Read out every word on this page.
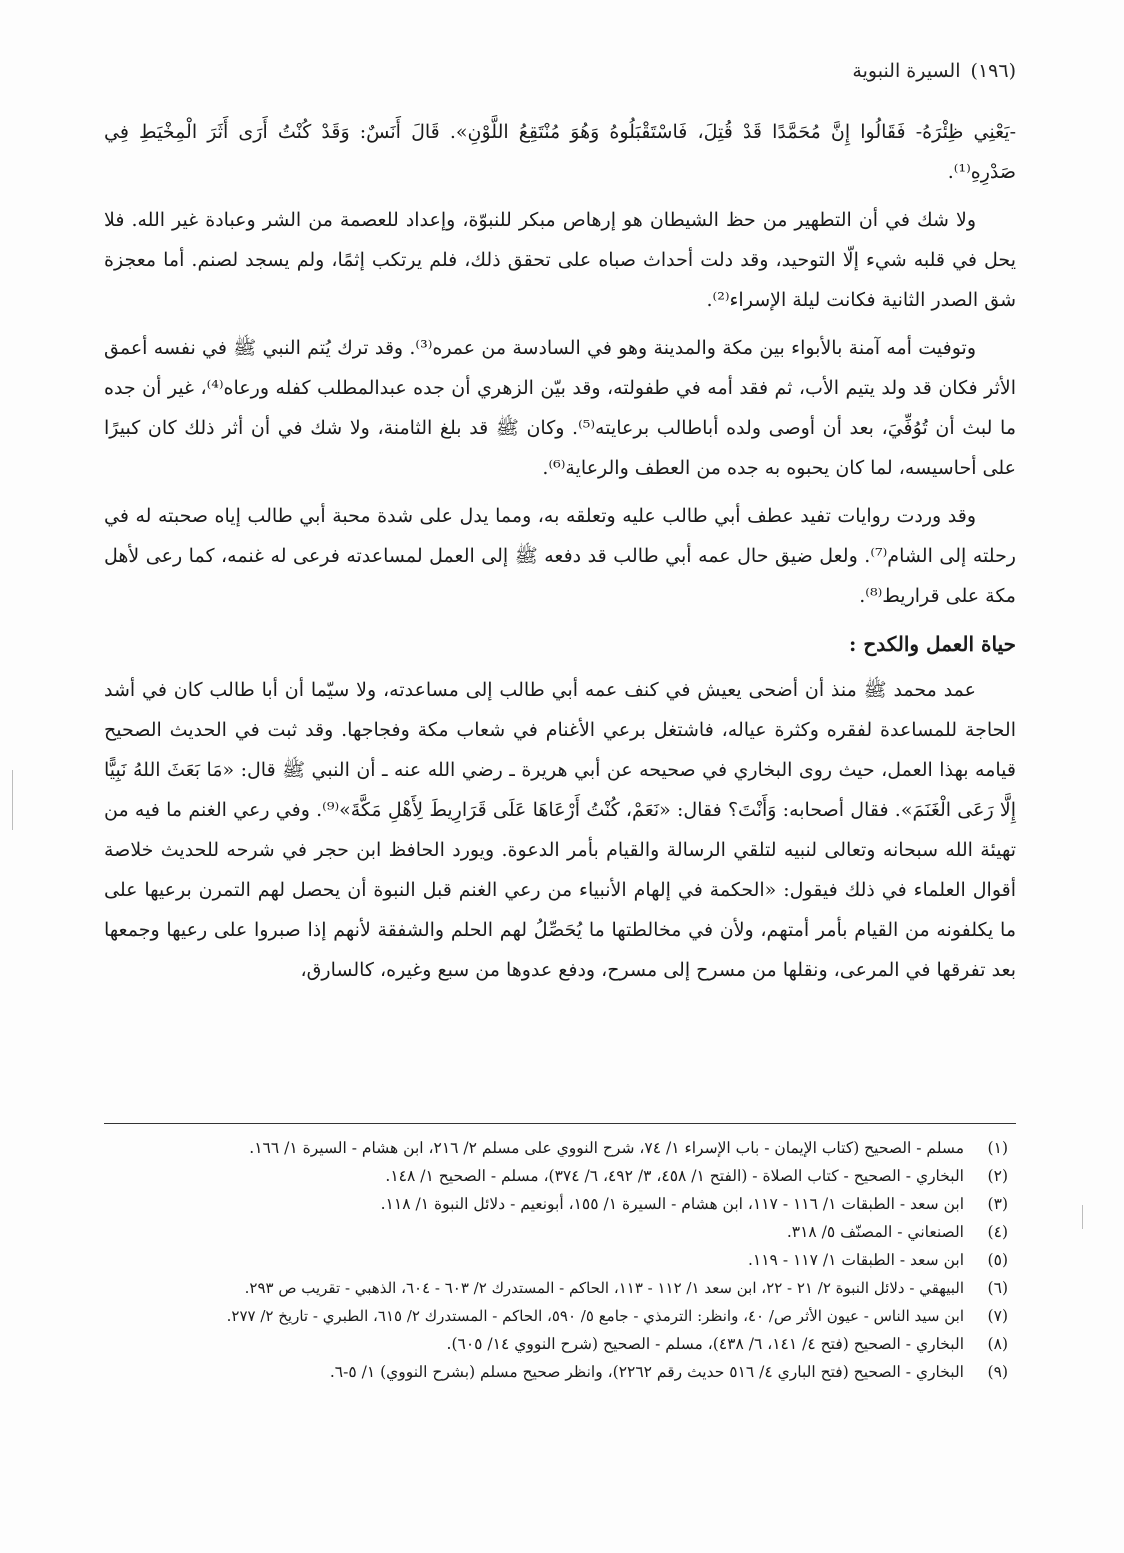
(١٩٦) السيرة النبوية

-يَعْنِي ظِئْرَهُ- فَقَالُوا إِنَّ مُحَمَّدًا قَدْ قُتِلَ، فَاسْتَقْبَلُوهُ وَهُوَ مُنْتَقِعُ اللَّوْنِ». قَالَ أَنَسٌ: وَقَدْ كُنْتُ أَرَى أَثَرَ الْمِخْيَطِ فِي صَدْرِهِ⁽¹⁾.

ولا شك في أن التطهير من حظ الشيطان هو إرهاص مبكر للنبوّة، وإعداد للعصمة من الشر وعبادة غير الله. فلا يحل في قلبه شيء إلّا التوحيد، وقد دلت أحداث صباه على تحقق ذلك، فلم يرتكب إثمًا، ولم يسجد لصنم. أما معجزة شق الصدر الثانية فكانت ليلة الإسراء⁽²⁾.

وتوفيت أمه آمنة بالأبواء بين مكة والمدينة وهو في السادسة من عمره⁽³⁾. وقد ترك يُتم النبي ﷺ في نفسه أعمق الأثر فكان قد ولد يتيم الأب، ثم فقد أمه في طفولته، وقد بيّن الزهري أن جده عبدالمطلب كفله ورعاه⁽⁴⁾، غير أن جده ما لبث أن تُوُفِّيَ، بعد أن أوصى ولده أباطالب برعايته⁽⁵⁾. وكان ﷺ قد بلغ الثامنة، ولا شك في أن أثر ذلك كان كبيرًا على أحاسيسه، لما كان يحبوه به جده من العطف والرعاية⁽⁶⁾.

وقد وردت روايات تفيد عطف أبي طالب عليه وتعلقه به، ومما يدل على شدة محبة أبي طالب إياه صحبته له في رحلته إلى الشام⁽⁷⁾. ولعل ضيق حال عمه أبي طالب قد دفعه ﷺ إلى العمل لمساعدته فرعى له غنمه، كما رعى لأهل مكة على قراريط⁽⁸⁾.

حياة العمل والكدح :

عمد محمد ﷺ منذ أن أضحى يعيش في كنف عمه أبي طالب إلى مساعدته، ولا سيّما أن أبا طالب كان في أشد الحاجة للمساعدة لفقره وكثرة عياله، فاشتغل برعي الأغنام في شعاب مكة وفجاجها. وقد ثبت في الحديث الصحيح قيامه بهذا العمل، حيث روى البخاري في صحيحه عن أبي هريرة ـ رضي الله عنه ـ أن النبي ﷺ قال: «مَا بَعَثَ اللهُ نَبِيًّا إِلَّا رَعَى الْغَنَمَ». فقال أصحابه: وَأَنْتَ؟ فقال: «نَعَمْ، كُنْتُ أَرْعَاهَا عَلَى قَرَارِيطَ لِأَهْلِ مَكَّةَ»⁽⁹⁾. وفي رعي الغنم ما فيه من تهيئة الله سبحانه وتعالى لنبيه لتلقي الرسالة والقيام بأمر الدعوة. ويورد الحافظ ابن حجر في شرحه للحديث خلاصة أقوال العلماء في ذلك فيقول: «الحكمة في إلهام الأنبياء من رعي الغنم قبل النبوة أن يحصل لهم التمرن برعيها على ما يكلفونه من القيام بأمر أمتهم، ولأن في مخالطتها ما يُحَصِّلُ لهم الحلم والشفقة لأنهم إذا صبروا على رعيها وجمعها بعد تفرقها في المرعى، ونقلها من مسرح إلى مسرح، ودفع عدوها من سبع وغيره، كالسارق،

(١)
مسلم - الصحيح (كتاب الإيمان - باب الإسراء ١/ ٧٤، شرح النووي على مسلم ٢/ ٢١٦، ابن هشام - السيرة ١/ ١٦٦.
(٢)
البخاري - الصحيح - كتاب الصلاة - (الفتح ١/ ٤٥٨، ٣/ ٤٩٢، ٦/ ٣٧٤)، مسلم - الصحيح ١/ ١٤٨.
(٣)
ابن سعد - الطبقات ١/ ١١٦ - ١١٧، ابن هشام - السيرة ١/ ١٥٥، أبونعيم - دلائل النبوة ١/ ١١٨.
(٤)
الصنعاني - المصنّف ٥/ ٣١٨.
(٥)
ابن سعد - الطبقات ١/ ١١٧ - ١١٩.
(٦)
البيهقي - دلائل النبوة ٢/ ٢١ - ٢٢، ابن سعد ١/ ١١٢ - ١١٣، الحاكم - المستدرك ٢/ ٦٠٣ - ٦٠٤، الذهبي - تقريب ص ٢٩٣.
(٧)
ابن سيد الناس - عيون الأثر ص/ ٤٠، وانظر: الترمذي - جامع ٥/ ٥٩٠، الحاكم - المستدرك ٢/ ٦١٥، الطبري - تاريخ ٢/ ٢٧٧.
(٨)
البخاري - الصحيح (فتح ٤/ ١٤١، ٦/ ٤٣٨)، مسلم - الصحيح (شرح النووي ١٤/ ٦٠٥).
(٩)
البخاري - الصحيح (فتح الباري ٤/ ٥١٦ حديث رقم ٢٢٦٢)، وانظر صحيح مسلم (بشرح النووي) ١/ ٥-٦.
